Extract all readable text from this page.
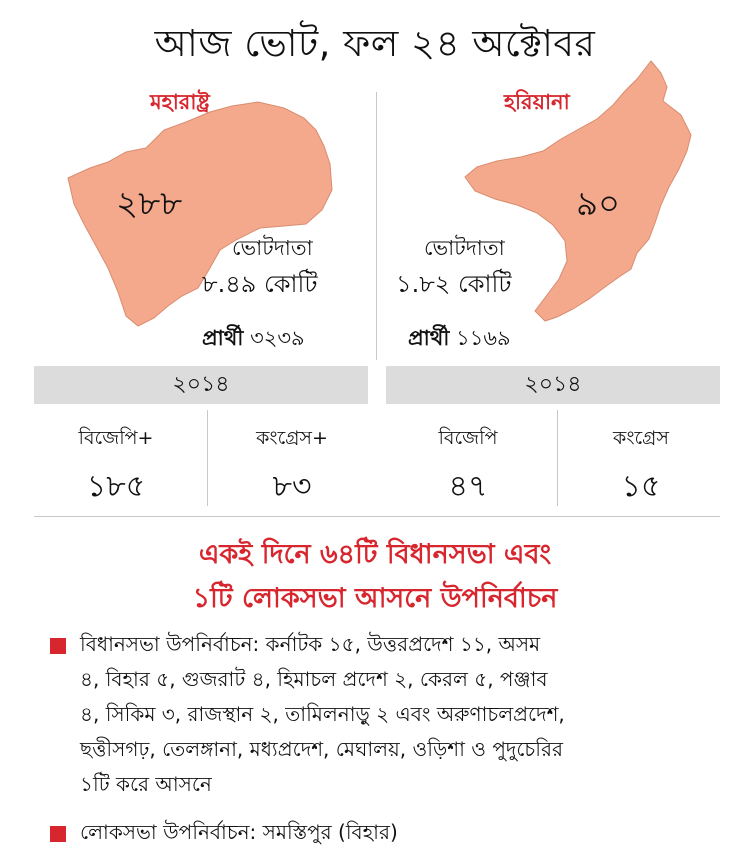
আজ ভোট, ফল ২৪ অক্টোবর
মহারাষ্ট্র
২৮৮
ভোটদাতা
৮.৪৯ কোটি
প্রার্থী ৩২৩৯
২০১৪
বিজেপি+
১৮৫
কংগ্রেস+
৮৩
হরিয়ানা
৯০
ভোটদাতা
১.৮২ কোটি
প্রার্থী ১১৬৯
২০১৪
বিজেপি
৪৭
কংগ্রেস
১৫
একই দিনে ৬৪টি বিধানসভা এবং
১টি লোকসভা আসনে উপনির্বাচন
বিধানসভা উপনির্বাচন: কর্নাটক ১৫, উত্তরপ্রদেশ ১১, অসম
৪, বিহার ৫, গুজরাট ৪, হিমাচল প্রদেশ ২, কেরল ৫, পঞ্জাব
৪, সিকিম ৩, রাজস্থান ২, তামিলনাড়ু ২ এবং অরুণাচলপ্রদেশ,
ছত্তীসগঢ়, তেলঙ্গানা, মধ্যপ্রদেশ, মেঘালয়, ওড়িশা ও পুদুচেরির
১টি করে আসনে
লোকসভা উপনির্বাচন: সমস্তিপুর (বিহার)
